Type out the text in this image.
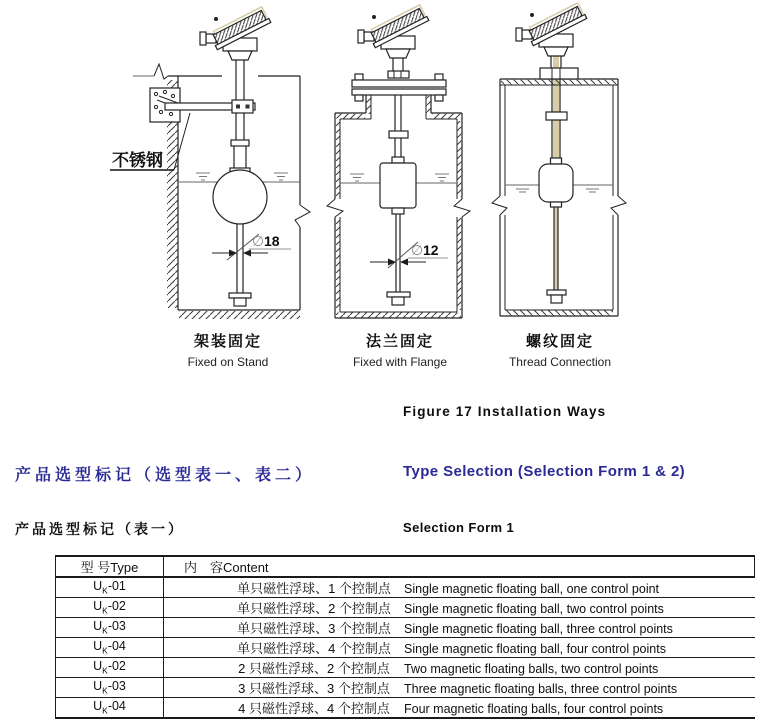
不锈钢
∅ 18
∅ 12
架装固定
Fixed on Stand
法兰固定
Fixed with Flange
螺纹固定
Thread Connection
Figure 17 Installation Ways
产品选型标记（选型表一、表二）	Type Selection (Selection Form 1 & 2)
产品选型标记（表一）	Selection Form 1
型 号Type	内　容Content
$U_K-01$	单只磁性浮球、1 个控制点 Single magnetic floating ball, one control point
$U_K-02$	单只磁性浮球、2 个控制点 Single magnetic floating ball, two control points
$U_K-03$	单只磁性浮球、3 个控制点 Single magnetic floating ball, three control points
$U_K-04$	单只磁性浮球、4 个控制点 Single magnetic floating ball, four control points
$U_K-02$	2 只磁性浮球、2 个控制点 Two magnetic floating balls, two control points
$U_K-03$	3 只磁性浮球、3 个控制点 Three magnetic floating balls, three control points
$U_K-04$	4 只磁性浮球、4 个控制点 Four magnetic floating balls, four control points
